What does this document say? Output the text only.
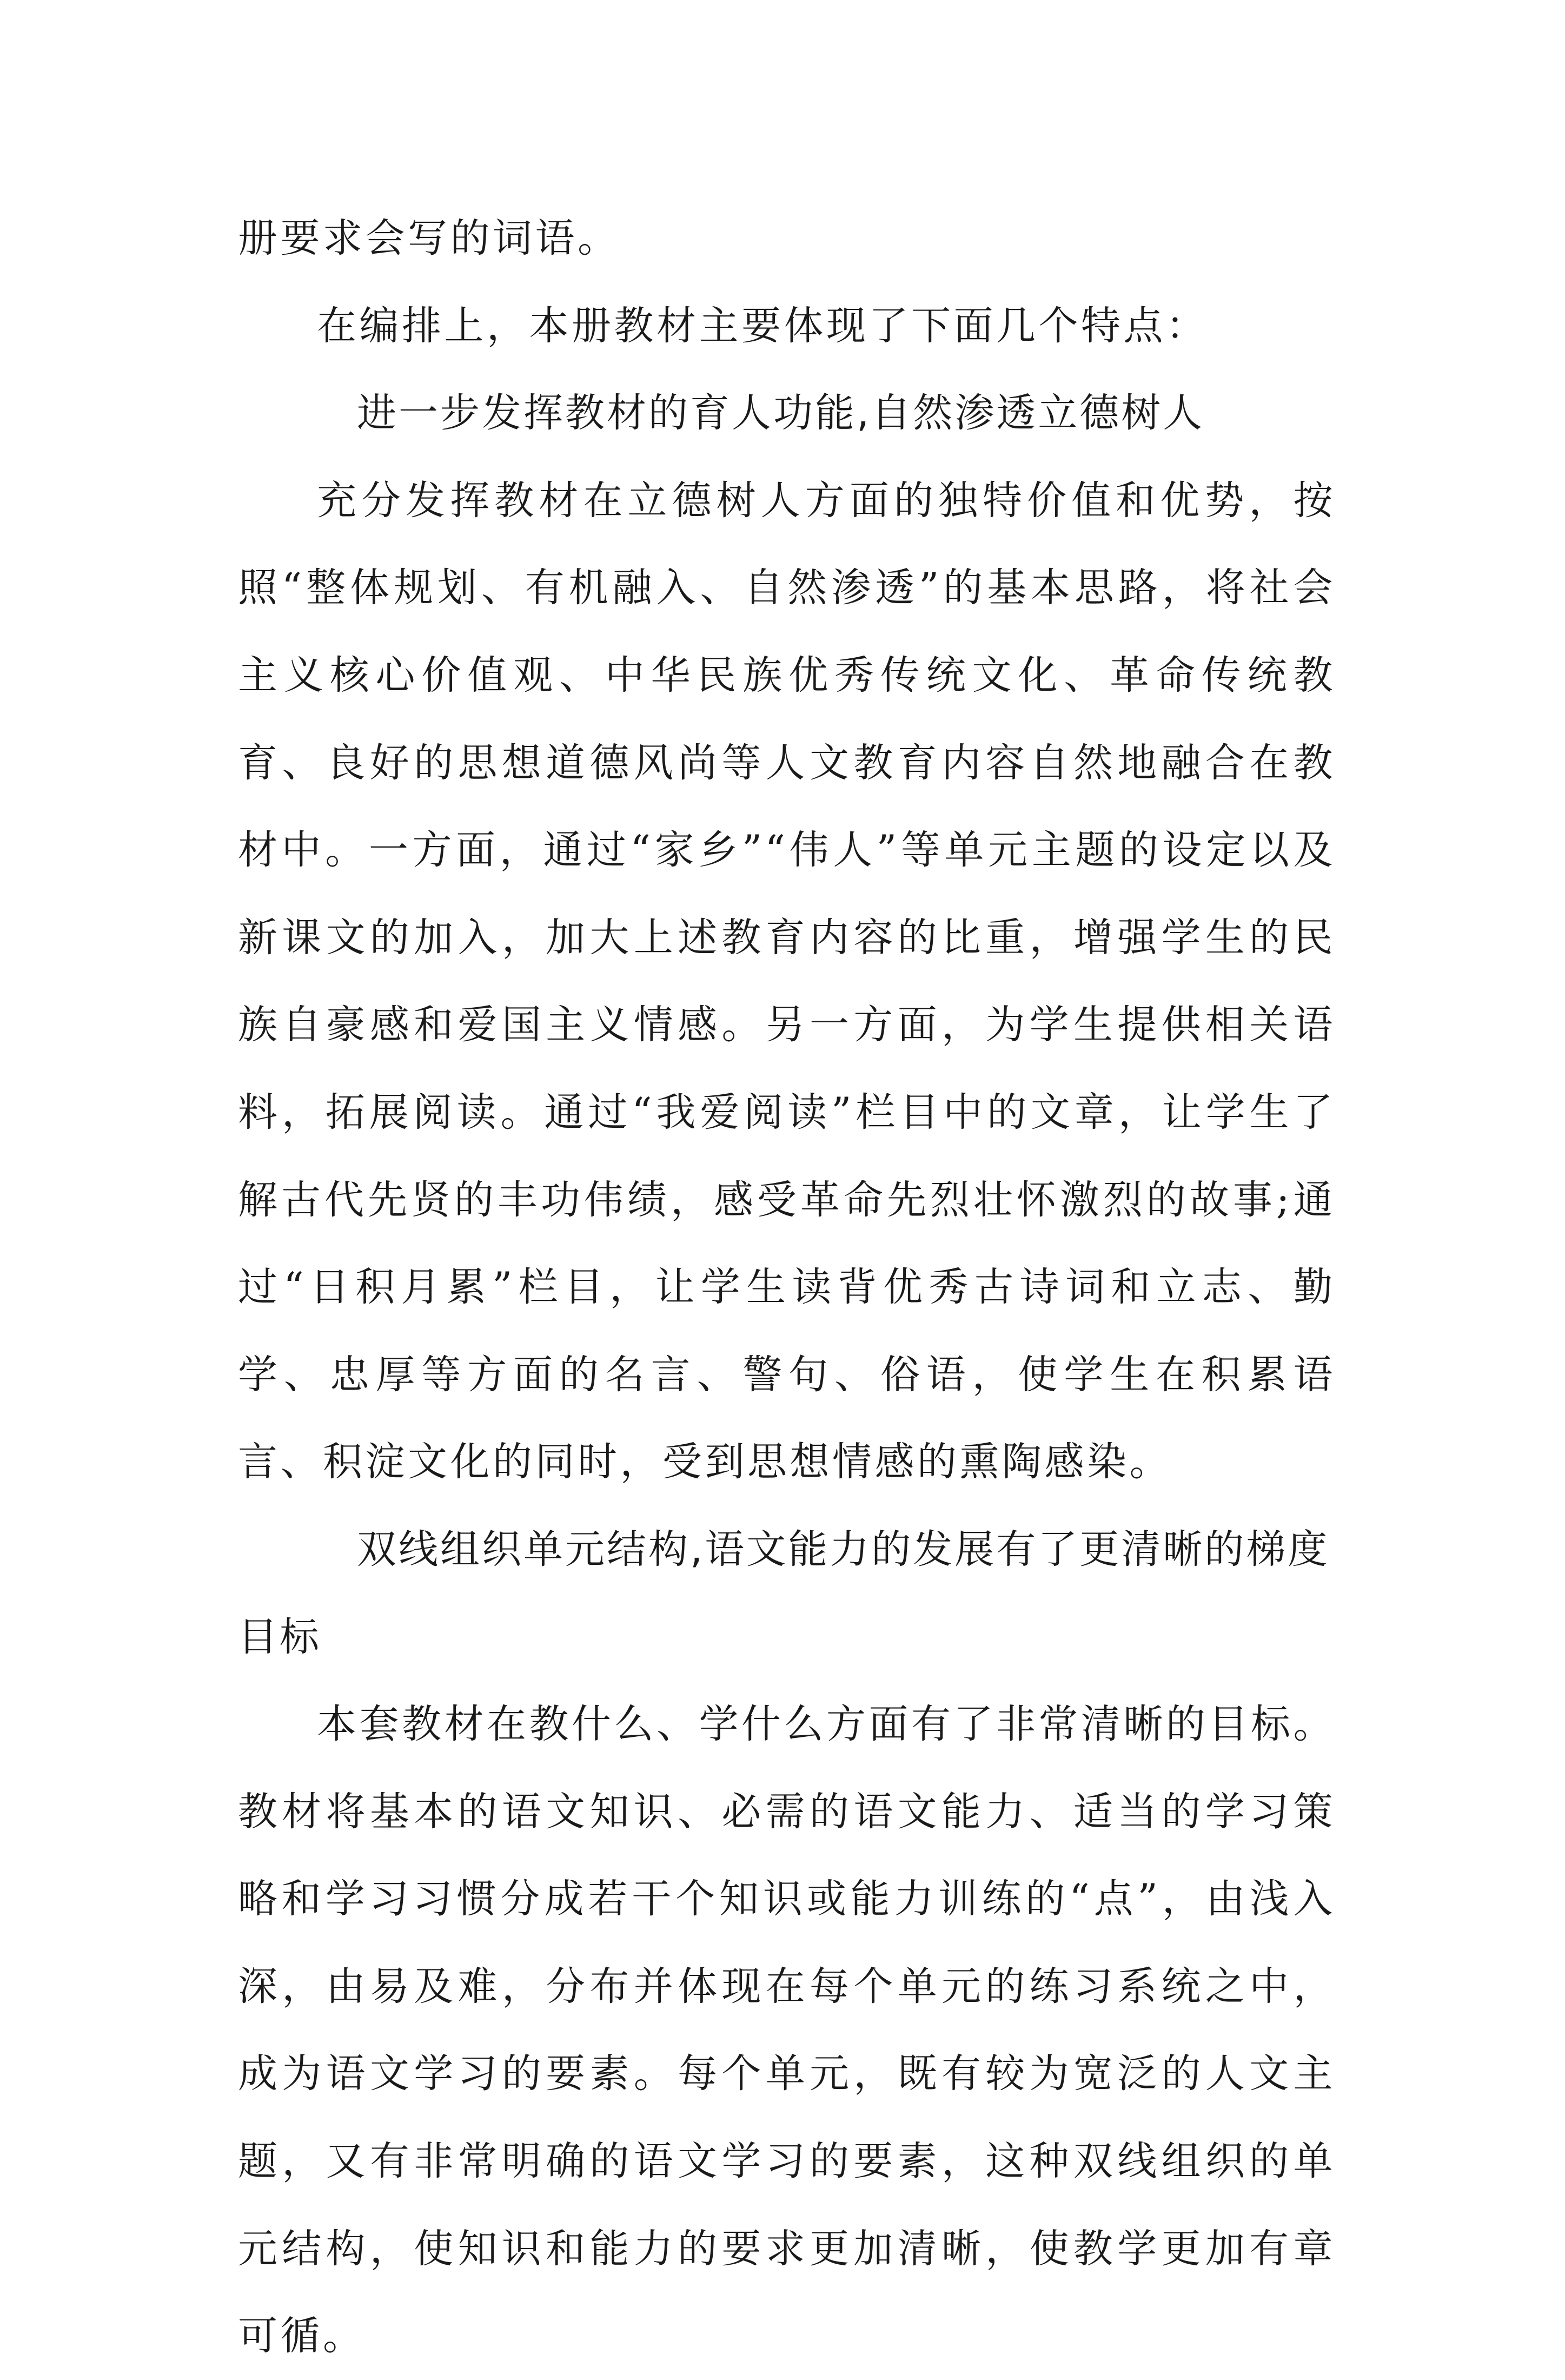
册要求会写的词语。

在编排上，本册教材主要体现了下面几个特点：

进一步发挥教材的育人功能,自然渗透立德树人

充分发挥教材在立德树人方面的独特价值和优势，按照“整体规划、有机融入、自然渗透”的基本思路，将社会主义核心价值观、中华民族优秀传统文化、革命传统教育、良好的思想道德风尚等人文教育内容自然地融合在教材中。一方面，通过“家乡”“伟人”等单元主题的设定以及新课文的加入，加大上述教育内容的比重，增强学生的民族自豪感和爱国主义情感。另一方面，为学生提供相关语料，拓展阅读。通过“我爱阅读”栏目中的文章，让学生了解古代先贤的丰功伟绩，感受革命先烈壮怀激烈的故事;通过“日积月累”栏目，让学生读背优秀古诗词和立志、勤学、忠厚等方面的名言、警句、俗语，使学生在积累语言、积淀文化的同时，受到思想情感的熏陶感染。

双线组织单元结构,语文能力的发展有了更清晰的梯度目标

本套教材在教什么、学什么方面有了非常清晰的目标。教材将基本的语文知识、必需的语文能力、适当的学习策略和学习习惯分成若干个知识或能力训练的“点”，由浅入深，由易及难，分布并体现在每个单元的练习系统之中，成为语文学习的要素。每个单元，既有较为宽泛的人文主题，又有非常明确的语文学习的要素，这种双线组织的单元结构，使知识和能力的要求更加清晰，使教学更加有章可循。
